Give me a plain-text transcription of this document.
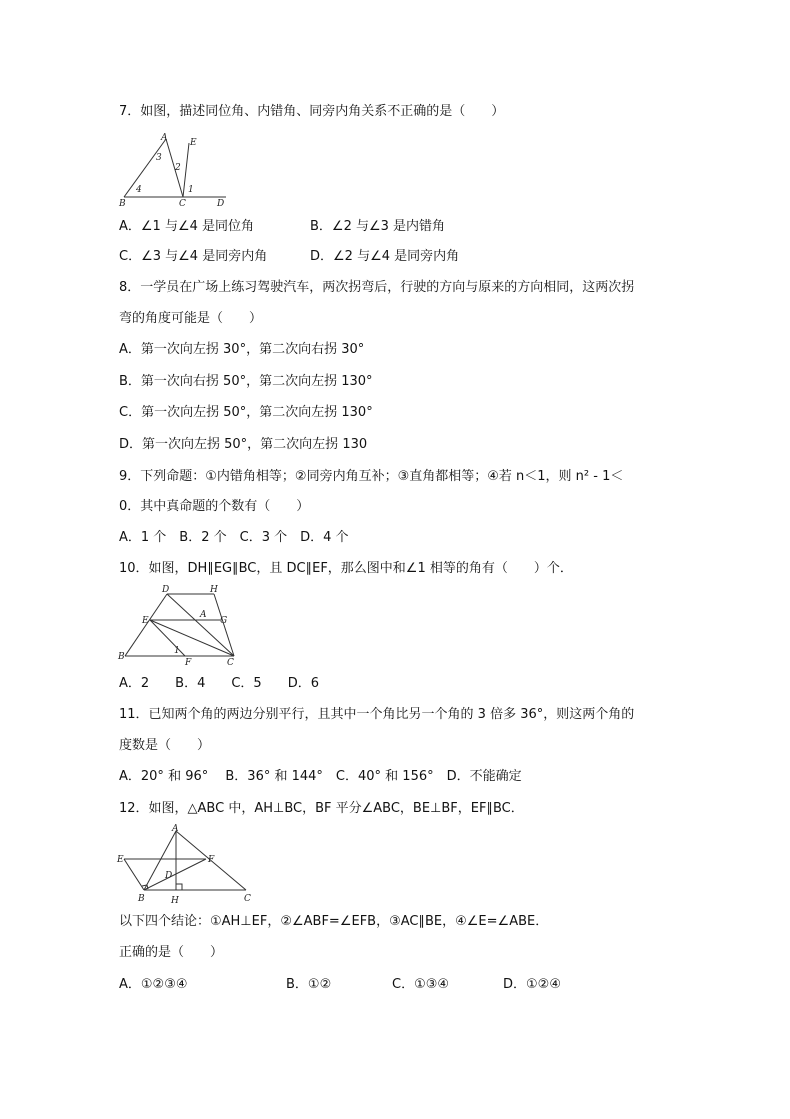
7．如图，描述同位角、内错角、同旁内角关系不正确的是（　　）
A	E
3
2
4	1
B	C	D
A．∠1 与∠4 是同位角	B．∠2 与∠3 是内错角
C．∠3 与∠4 是同旁内角	D．∠2 与∠4 是同旁内角
8．一学员在广场上练习驾驶汽车，两次拐弯后，行驶的方向与原来的方向相同，这两次拐
弯的角度可能是（　　）
A．第一次向左拐 30°，第二次向右拐 30°
B．第一次向右拐 50°，第二次向左拐 130°
C．第一次向左拐 50°，第二次向左拐 130°
D．第一次向左拐 50°，第二次向左拐 130
9．下列命题：①内错角相等；②同旁内角互补；③直角都相等；④若 n＜1，则 n² - 1＜
0．其中真命题的个数有（　　）
A．1 个　B．2 个　C．3 个　D．4 个
10．如图，DH∥EG∥BC，且 DC∥EF，那么图中和∠1 相等的角有（　　）个．
D	H
E
A
G
B
1
F	C
A．2　　B．4　　C．5　　D．6
11．已知两个角的两边分别平行，且其中一个角比另一个角的 3 倍多 36°，则这两个角的
度数是（　　）
A．20° 和 96°　 B．36° 和 144°　C．40° 和 156°　D．不能确定
12．如图，△ABC 中，AH⊥BC，BF 平分∠ABC，BE⊥BF，EF∥BC．
A
E	F
D
B	H	C
以下四个结论：①AH⊥EF，②∠ABF=∠EFB，③AC∥BE，④∠E=∠ABE．
正确的是（　　）
A．①②③④	B．①②	C．①③④	D．①②④
